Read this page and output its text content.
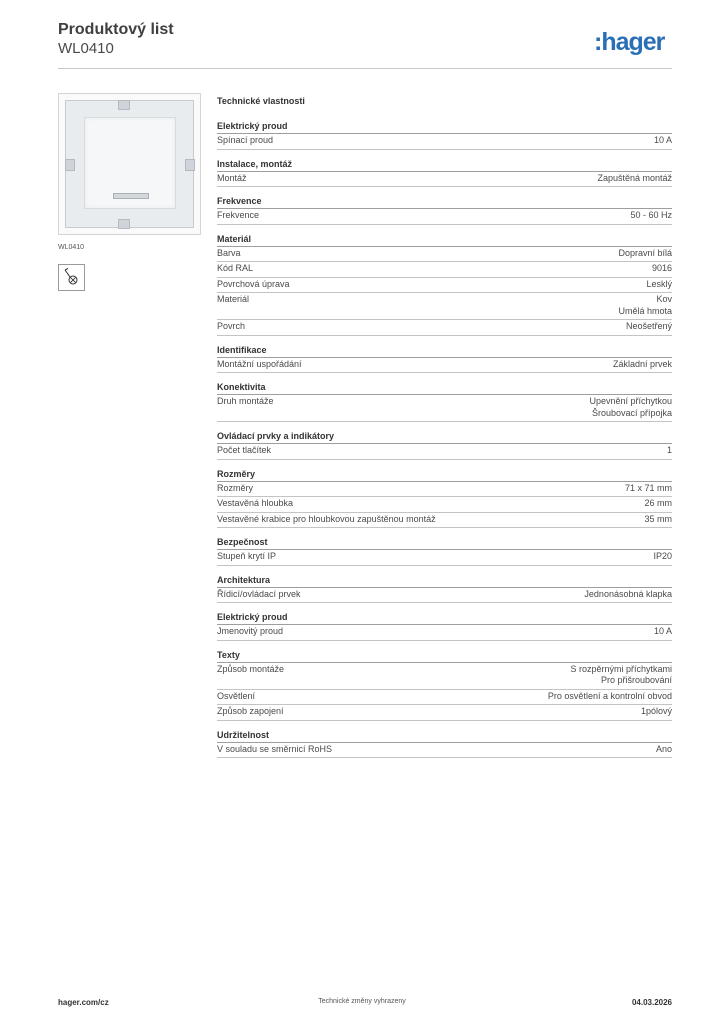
Produktový list
WL0410	:hager
WL0410
Technické vlastnosti
Elektrický proud
Spínací proud	10 A
Instalace, montáž
Montáž	Zapuštěná montáž
Frekvence
Frekvence	50 - 60 Hz
Materiál
Barva	Dopravní bílá
Kód RAL	9016
Povrchová úprava	Lesklý
Materiál	Kov
Umělá hmota
Povrch	Neošetřený
Identifikace
Montážní uspořádání	Základní prvek
Konektivita
Druh montáže	Upevnění příchytkou
Šroubovací přípojka
Ovládací prvky a indikátory
Počet tlačítek	1
Rozměry
Rozměry	71 x 71 mm
Vestavěná hloubka	26 mm
Vestavěné krabice pro hloubkovou zapuštěnou montáž	35 mm
Bezpečnost
Stupeň krytí IP	IP20
Architektura
Řídicí/ovládací prvek	Jednonásobná klapka
Elektrický proud
Jmenovitý proud	10 A
Texty
Způsob montáže	S rozpěrnými příchytkami
Pro přišroubování
Osvětlení	Pro osvětlení a kontrolní obvod
Způsob zapojení	1pólový
Udržitelnost
V souladu se směrnicí RoHS	Ano
hager.com/cz	Technické změny vyhrazeny	04.03.2026
